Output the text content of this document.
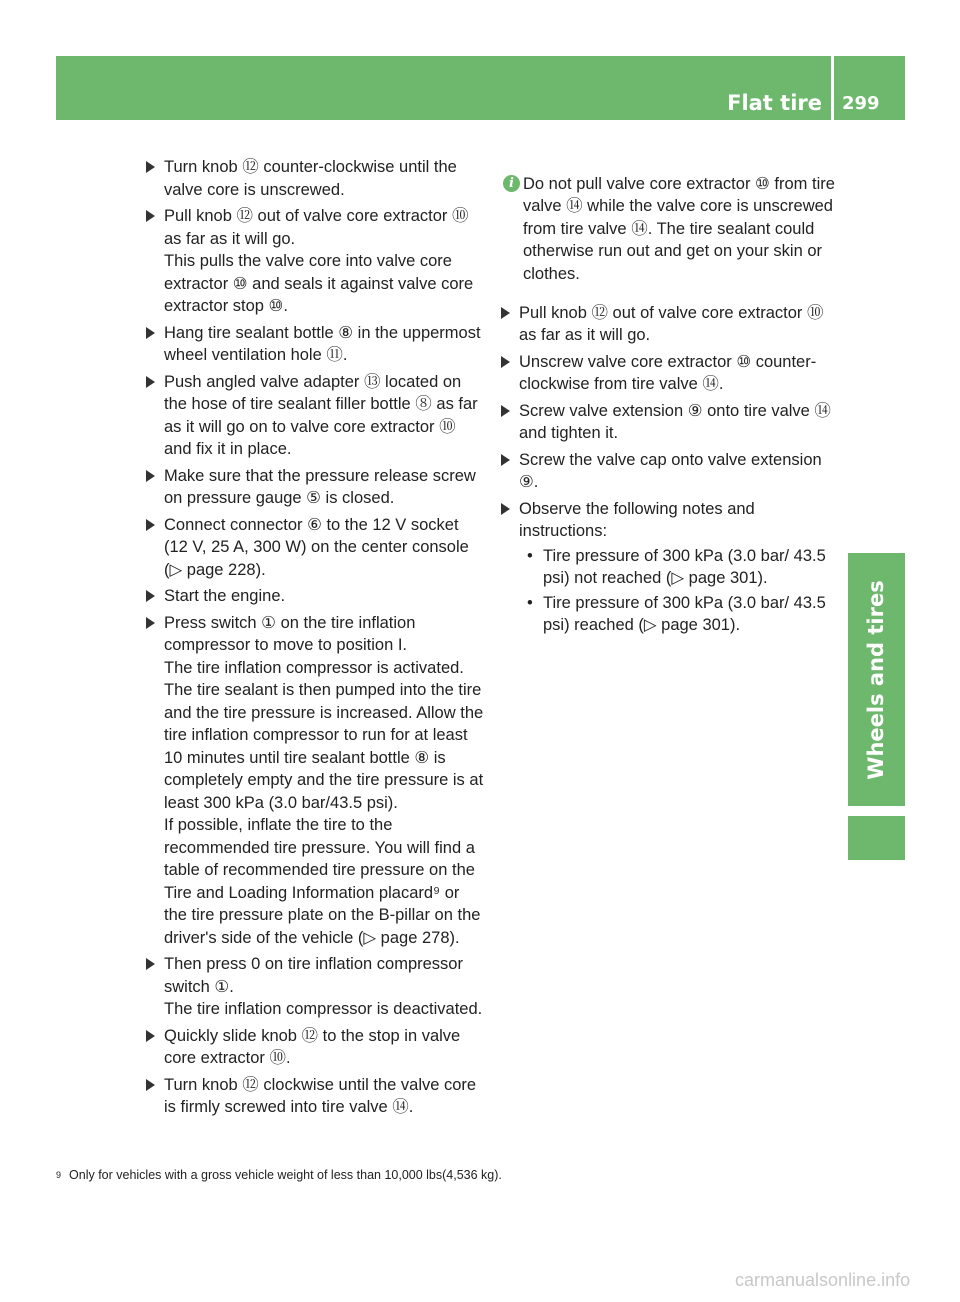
Flat tire 299
Wheels and tires

Turn knob ⑫ counter-clockwise until the valve core is unscrewed.

Pull knob ⑫ out of valve core extractor ⑩ as far as it will go.

This pulls the valve core into valve core extractor ⑩ and seals it against valve core extractor stop ⑩.

Hang tire sealant bottle ⑧ in the uppermost wheel ventilation hole ⑪.

Push angled valve adapter ⑬ located on the hose of tire sealant filler bottle ⑧ as far as it will go on to valve core extractor ⑩ and fix it in place.

Make sure that the pressure release screw on pressure gauge ⑤ is closed.

Connect connector ⑥ to the 12 V socket (12 V, 25 A, 300 W) on the center console (▷ page 228).

Start the engine.

Press switch ① on the tire inflation compressor to move to position I.

The tire inflation compressor is activated. The tire sealant is then pumped into the tire and the tire pressure is increased. Allow the tire inflation compressor to run for at least 10 minutes until tire sealant bottle ⑧ is completely empty and the tire pressure is at least 300 kPa (3.0 bar/43.5 psi).

If possible, inflate the tire to the recommended tire pressure. You will find a table of recommended tire pressure on the Tire and Loading Information placard⁹ or the tire pressure plate on the B-pillar on the driver's side of the vehicle (▷ page 278).

Then press 0 on tire inflation compressor switch ①.

The tire inflation compressor is deactivated.

Quickly slide knob ⑫ to the stop in valve core extractor ⑩.

Turn knob ⑫ clockwise until the valve core is firmly screwed into tire valve ⑭.

i Do not pull valve core extractor ⑩ from tire valve ⑭ while the valve core is unscrewed from tire valve ⑭. The tire sealant could otherwise run out and get on your skin or clothes.

Pull knob ⑫ out of valve core extractor ⑩ as far as it will go.

Unscrew valve core extractor ⑩ counter-clockwise from tire valve ⑭.

Screw valve extension ⑨ onto tire valve ⑭ and tighten it.

Screw the valve cap onto valve extension ⑨.

Observe the following notes and instructions:

• Tire pressure of 300 kPa (3.0 bar/ 43.5 psi) not reached (▷ page 301).
• Tire pressure of 300 kPa (3.0 bar/ 43.5 psi) reached (▷ page 301).
$^9$ Only for vehicles with a gross vehicle weight of less than 10,000 lbs(4,536 kg).
carmanualsonline.info
